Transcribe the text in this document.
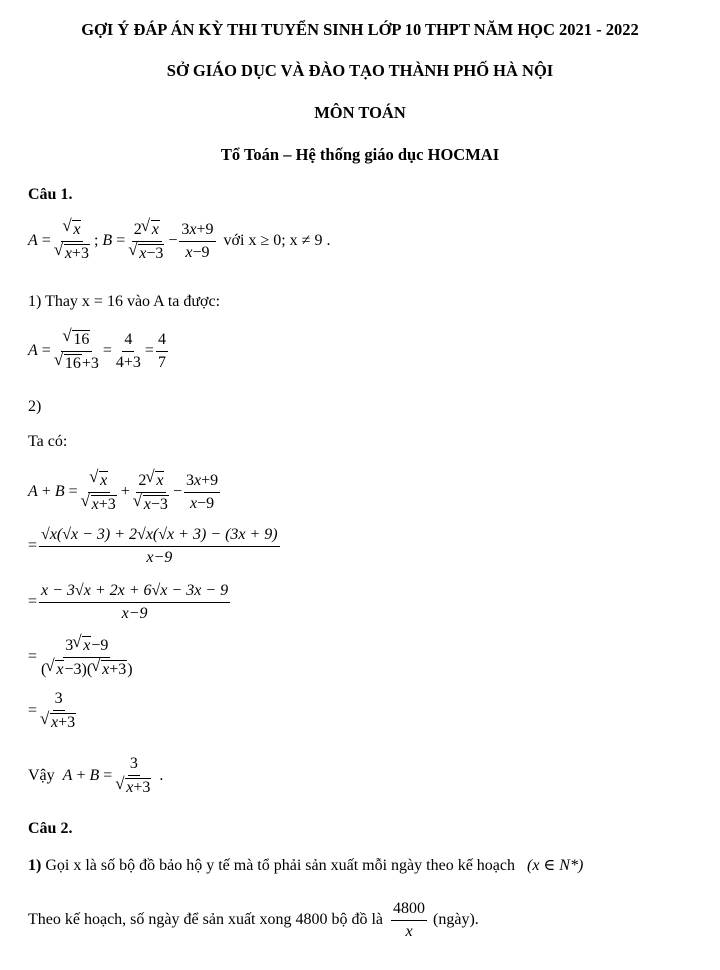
GỢI Ý ĐÁP ÁN KỲ THI TUYỂN SINH LỚP 10 THPT NĂM HỌC 2021 - 2022
SỞ GIÁO DỤC VÀ ĐÀO TẠO THÀNH PHỐ HÀ NỘI
MÔN TOÁN
Tổ Toán – Hệ thống giáo dục HOCMAI
Câu 1.
A = √ x
√ x+3 ; B = 2 √ x
√ $x-3 - \frac{3x+9}{x-9}$ với x ≥ 0; x ≠ 9 .
1) Thay x = 16 vào A ta được:
A = √ 16
√ $16+3 = \frac{4}{4+3} = \frac{4}{7}$
2)
Ta có:
A + B = √ x
√ x+3 + 2 √ x
√ $x-3 - \frac{3x+9}{x-9}$
= $\frac{√x(√x - 3) + 2√x(√x + 3) - (3x + 9)}{x-9}$
= $\frac{x - 3√x + 2x + 6√x - 3x - 9}{x-9}$
= $\frac{3 √ x-9}{( √ x-3)( √ x+3)}$
= 3
√ x+3
Vậy
A + B = 3
√ x+3
.
Câu 2.
1) Gọi x là số bộ đồ bảo hộ y tế mà tổ phải sản xuất mỗi ngày theo kế hoạch (x ∈ N*)
Theo kế hoạch, số ngày để sản xuất xong 4800 bộ đồ là $\frac{4800}{x}$
(ngày).
